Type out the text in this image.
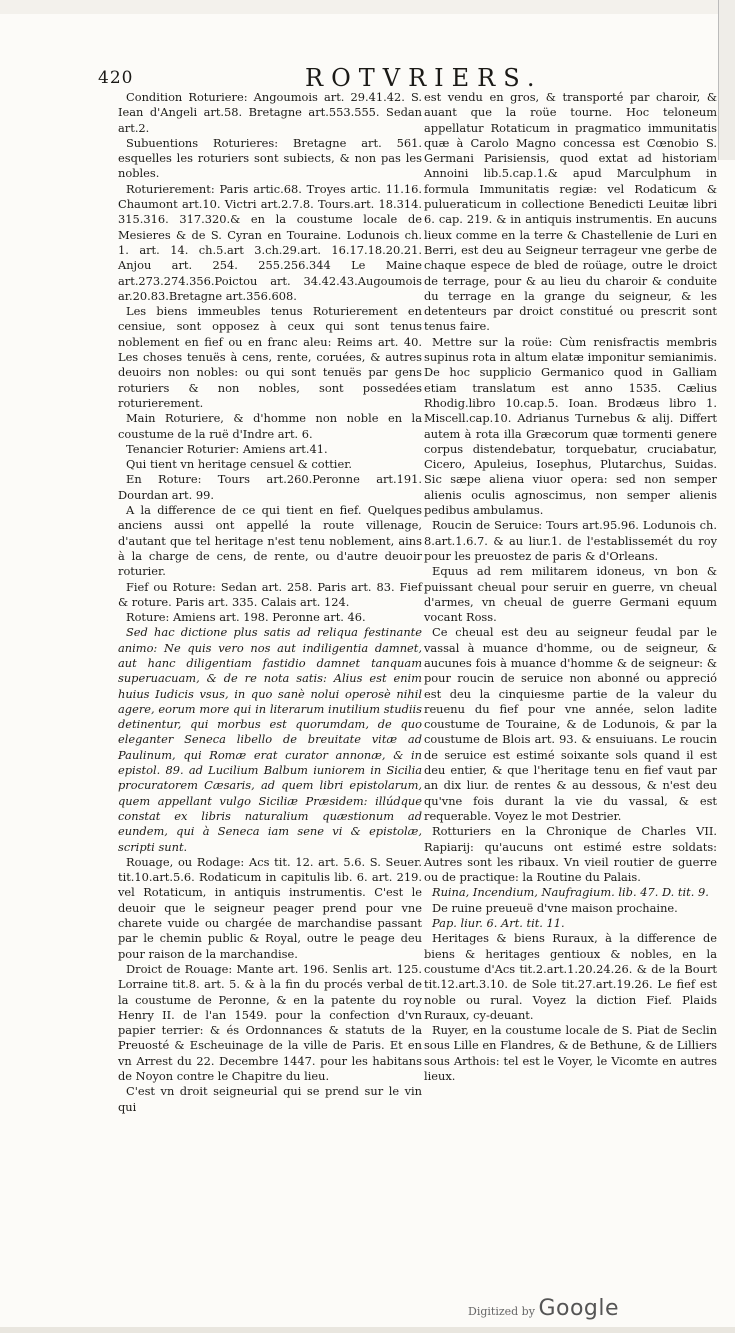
420	ROTVRIERS.

Condition Roturiere: Angoumois art. 29.41.42. S. Iean d'Angeli art.58. Bretagne art.553.555. Sedan art.2.

Subuentions Roturieres: Bretagne art. 561. esquelles les roturiers sont subiects, & non pas les nobles.

Roturierement: Paris artic.68. Troyes artic. 11.16. Chaumont art.10. Victri art.2.7.8. Tours.art. 18.314. 315.316. 317.320.& en la coustume locale de Mesieres & de S. Cyran en Touraine. Lodunois ch. 1. art. 14. ch.5.art 3.ch.29.art. 16.17.18.20.21. Anjou art. 254. 255.256.344 Le Maine art.273.274.356.Poictou art. 34.42.43.Augoumois ar.20.83.Bretagne art.356.608.

Les biens immeubles tenus Roturierement en censiue, sont opposez à ceux qui sont tenus noblement en fief ou en franc aleu: Reims art. 40. Les choses tenuës à cens, rente, coruées, & autres deuoirs non nobles: ou qui sont tenuës par gens roturiers & non nobles, sont possedées roturierement.

Main Roturiere, & d'homme non noble en la coustume de la ruë d'Indre art. 6.

Tenancier Roturier: Amiens art.41.

Qui tient vn heritage censuel & cottier.

En Roture: Tours art.260.Peronne art.191. Dourdan art. 99.

A la difference de ce qui tient en fief. Quelques anciens aussi ont appellé la route villenage, d'autant que tel heritage n'est tenu noblement, ains à la charge de cens, de rente, ou d'autre deuoir roturier.

Fief ou Roture: Sedan art. 258. Paris art. 83. Fief & roture. Paris art. 335. Calais art. 124.

Roture: Amiens art. 198. Peronne art. 46.

Sed hac dictione plus satis ad reliqua festinante animo: Ne quis vero nos aut indiligentia damnet, aut hanc diligentiam fastidio damnet tanquam superuacuam, & de re nota satis: Alius est enim huius Iudicis vsus, in quo sanè nolui operosè nihil agere, eorum more qui in literarum inutilium studiis detinentur, qui morbus est quorumdam, de quo eleganter Seneca libello de breuitate vitæ ad Paulinum, qui Romæ erat curator annonæ, & in epistol. 89. ad Lucilium Balbum iuniorem in Sicilia procuratorem Cæsaris, ad quem libri epistolarum, quem appellant vulgo Siciliæ Præsidem: illúdque constat ex libris naturalium quæstionum ad eundem, qui à Seneca iam sene vi & epistolæ, scripti sunt.

Rouage, ou Rodage: Acs tit. 12. art. 5.6. S. Seuer. tit.10.art.5.6. Rodaticum in capitulis lib. 6. art. 219. vel Rotaticum, in antiquis instrumentis. C'est le deuoir que le seigneur peager prend pour vne charete vuide ou chargée de marchandise passant par le chemin public & Royal, outre le peage deu pour raison de la marchandise.

Droict de Rouage: Mante art. 196. Senlis art. 125. Lorraine tit.8. art. 5. & à la fin du procés verbal de la coustume de Peronne, & en la patente du roy Henry II. de l'an 1549. pour la confection d'vn papier terrier: & és Ordonnances & statuts de la Preuosté & Escheuinage de la ville de Paris. Et en vn Arrest du 22. Decembre 1447. pour les habitans de Noyon contre le Chapitre du lieu.

C'est vn droit seigneurial qui se prend sur le vin qui

est vendu en gros, & transporté par charoir, & auant que la roüe tourne. Hoc teloneum appellatur Rotaticum in pragmatico immunitatis quæ à Carolo Magno concessa est Cœnobio S. Germani Parisiensis, quod extat ad historiam Annoini lib.5.cap.1.& apud Marculphum in formula Immunitatis regiæ: vel Rodaticum & pulueraticum in collectione Benedicti Leuitæ libri 6. cap. 219. & in antiquis instrumentis. En aucuns lieux comme en la terre & Chastellenie de Luri en Berri, est deu au Seigneur terrageur vne gerbe de chaque espece de bled de roüage, outre le droict de terrage, pour & au lieu du charoir & conduite du terrage en la grange du seigneur, & les detenteurs par droict constitué ou prescrit sont tenus faire.

Mettre sur la roüe: Cùm renisfractis membris supinus rota in altum elatæ imponitur semianimis. De hoc supplicio Germanico quod in Galliam etiam translatum est anno 1535. Cælius Rhodig.libro 10.cap.5. Ioan. Brodæus libro 1. Miscell.cap.10. Adrianus Turnebus & alij. Differt autem à rota illa Græcorum quæ tormenti genere corpus distendebatur, torquebatur, cruciabatur, Cicero, Apuleius, Iosephus, Plutarchus, Suidas. Sic sæpe aliena viuor opera: sed non semper alienis oculis agnoscimus, non semper alienis pedibus ambulamus.

Roucin de Seruice: Tours art.95.96. Lodunois ch. 8.art.1.6.7. & au liur.1. de l'establissemét du roy pour les preuostez de paris & d'Orleans.

Equus ad rem militarem idoneus, vn bon & puissant cheual pour seruir en guerre, vn cheual d'armes, vn cheual de guerre Germani equum vocant Ross.

Ce cheual est deu au seigneur feudal par le vassal à muance d'homme, ou de seigneur, & aucunes fois à muance d'homme & de seigneur: & pour roucin de seruice non abonné ou appreció est deu la cinquiesme partie de la valeur du reuenu du fief pour vne année, selon ladite coustume de Touraine, & de Lodunois, & par la coustume de Blois art. 93. & ensuiuans. Le roucin de seruice est estimé soixante sols quand il est deu entier, & que l'heritage tenu en fief vaut par an dix liur. de rentes & au dessous, & n'est deu qu'vne fois durant la vie du vassal, & est requerable. Voyez le mot Destrier.

Rotturiers en la Chronique de Charles VII. Rapiarij: qu'aucuns ont estimé estre soldats: Autres sont les ribaux. Vn vieil routier de guerre ou de practique: la Routine du Palais.

Ruina, Incendium, Naufragium. lib. 47. D. tit. 9.

De ruine preueuë d'vne maison prochaine.

Pap. liur. 6. Art. tit. 11.

Heritages & biens Ruraux, à la difference de biens & heritages gentioux & nobles, en la coustume d'Acs tit.2.art.1.20.24.26. & de la Bourt tit.12.art.3.10. de Sole tit.27.art.19.26. Le fief est noble ou rural. Voyez la diction Fief. Plaids Ruraux, cy-deuant.

Ruyer, en la coustume locale de S. Piat de Seclin sous Lille en Flandres, & de Bethune, & de Lilliers sous Arthois: tel est le Voyer, le Vicomte en autres lieux.

Digitized by Google
